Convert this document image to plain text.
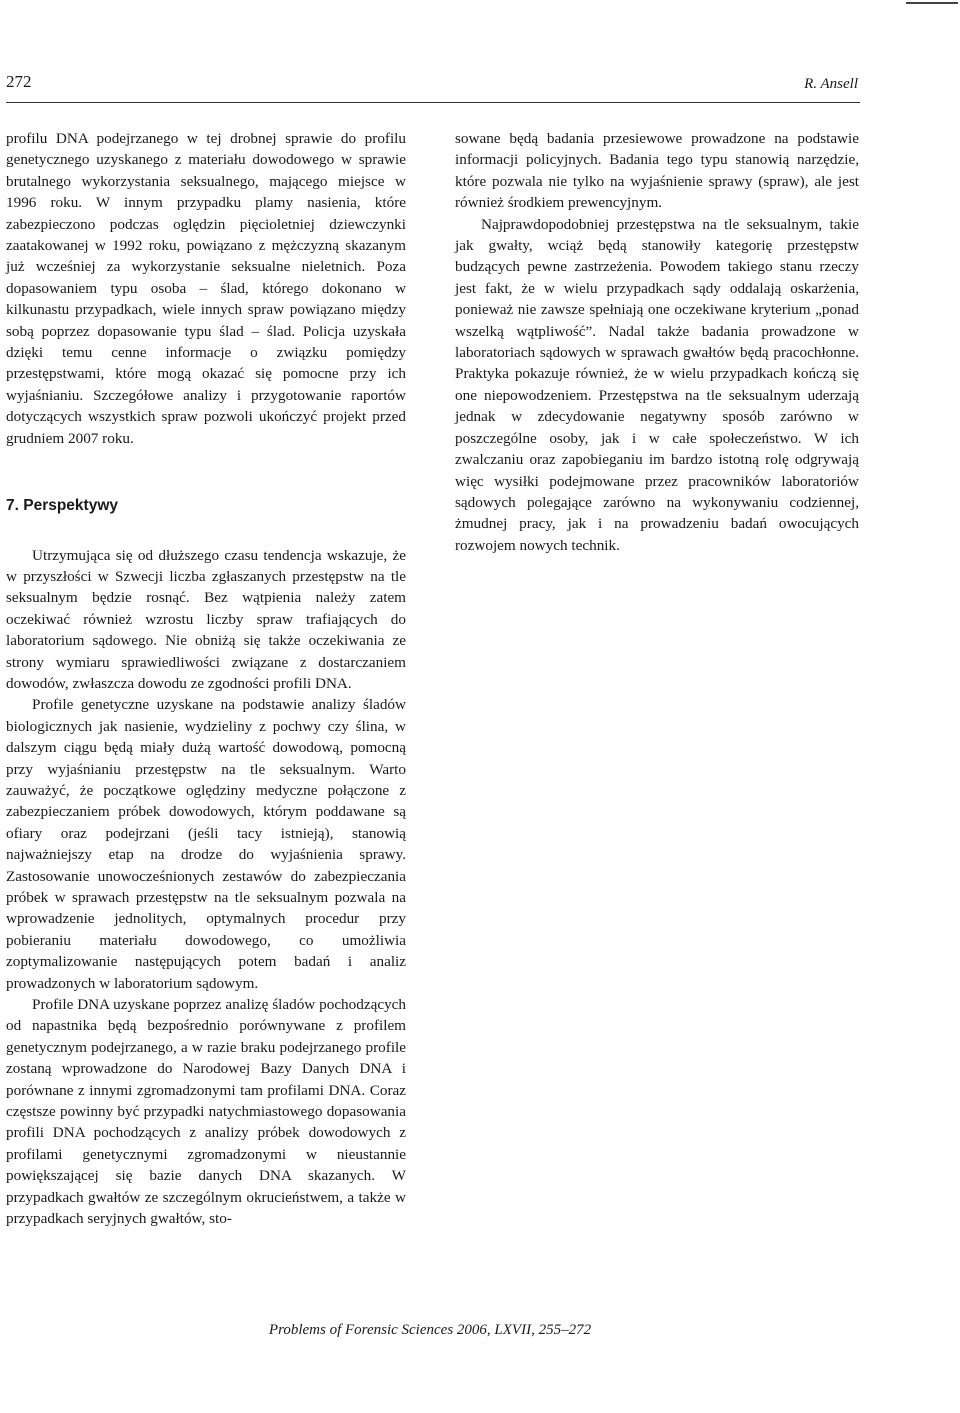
272	R. Ansell

profilu DNA podejrzanego w tej drobnej sprawie do profilu genetycznego uzyskanego z materiału dowodowego w sprawie brutalnego wykorzystania seksualnego, mającego miejsce w 1996 roku. W innym przypadku plamy nasienia, które zabezpieczono podczas oględzin pięcioletniej dziewczynki zaatakowanej w 1992 roku, powiązano z mężczyzną skazanym już wcześniej za wykorzystanie seksualne nieletnich. Poza dopasowaniem typu osoba – ślad, którego dokonano w kilkunastu przypadkach, wiele innych spraw powiązano między sobą poprzez dopasowanie typu ślad – ślad. Policja uzyskała dzięki temu cenne informacje o związku pomiędzy przestępstwami, które mogą okazać się pomocne przy ich wyjaśnianiu. Szczegółowe analizy i przygotowanie raportów dotyczących wszystkich spraw pozwoli ukończyć projekt przed grudniem 2007 roku.

7. Perspektywy

Utrzymująca się od dłuższego czasu tendencja wskazuje, że w przyszłości w Szwecji liczba zgłaszanych przestępstw na tle seksualnym będzie rosnąć. Bez wątpienia należy zatem oczekiwać również wzrostu liczby spraw trafiających do laboratorium sądowego. Nie obniżą się także oczekiwania ze strony wymiaru sprawiedliwości związane z dostarczaniem dowodów, zwłaszcza dowodu ze zgodności profili DNA.

Profile genetyczne uzyskane na podstawie analizy śladów biologicznych jak nasienie, wydzieliny z pochwy czy ślina, w dalszym ciągu będą miały dużą wartość dowodową, pomocną przy wyjaśnianiu przestępstw na tle seksualnym. Warto zauważyć, że początkowe oględziny medyczne połączone z zabezpieczaniem próbek dowodowych, którym poddawane są ofiary oraz podejrzani (jeśli tacy istnieją), stanowią najważniejszy etap na drodze do wyjaśnienia sprawy. Zastosowanie unowocześnionych zestawów do zabezpieczania próbek w sprawach przestępstw na tle seksualnym pozwala na wprowadzenie jednolitych, optymalnych procedur przy pobieraniu materiału dowodowego, co umożliwia zoptymalizowanie następujących potem badań i analiz prowadzonych w laboratorium sądowym.

Profile DNA uzyskane poprzez analizę śladów pochodzących od napastnika będą bezpośrednio porównywane z profilem genetycznym podejrzanego, a w razie braku podejrzanego profile zostaną wprowadzone do Narodowej Bazy Danych DNA i porównane z innymi zgromadzonymi tam profilami DNA. Coraz częstsze powinny być przypadki natychmiastowego dopasowania profili DNA pochodzących z analizy próbek dowodowych z profilami genetycznymi zgromadzonymi w nieustannie powiększającej się bazie danych DNA skazanych. W przypadkach gwałtów ze szczególnym okrucieństwem, a także w przypadkach seryjnych gwałtów, sto-

sowane będą badania przesiewowe prowadzone na podstawie informacji policyjnych. Badania tego typu stanowią narzędzie, które pozwala nie tylko na wyjaśnienie sprawy (spraw), ale jest również środkiem prewencyjnym.

Najprawdopodobniej przestępstwa na tle seksualnym, takie jak gwałty, wciąż będą stanowiły kategorię przestępstw budzących pewne zastrzeżenia. Powodem takiego stanu rzeczy jest fakt, że w wielu przypadkach sądy oddalają oskarżenia, ponieważ nie zawsze spełniają one oczekiwane kryterium „ponad wszelką wątpliwość”. Nadal także badania prowadzone w laboratoriach sądowych w sprawach gwałtów będą pracochłonne. Praktyka pokazuje również, że w wielu przypadkach kończą się one niepowodzeniem. Przestępstwa na tle seksualnym uderzają jednak w zdecydowanie negatywny sposób zarówno w poszczególne osoby, jak i w całe społeczeństwo. W ich zwalczaniu oraz zapobieganiu im bardzo istotną rolę odgrywają więc wysiłki podejmowane przez pracowników laboratoriów sądowych polegające zarówno na wykonywaniu codziennej, żmudnej pracy, jak i na prowadzeniu badań owocujących rozwojem nowych technik.

Problems of Forensic Sciences 2006, LXVII, 255–272
